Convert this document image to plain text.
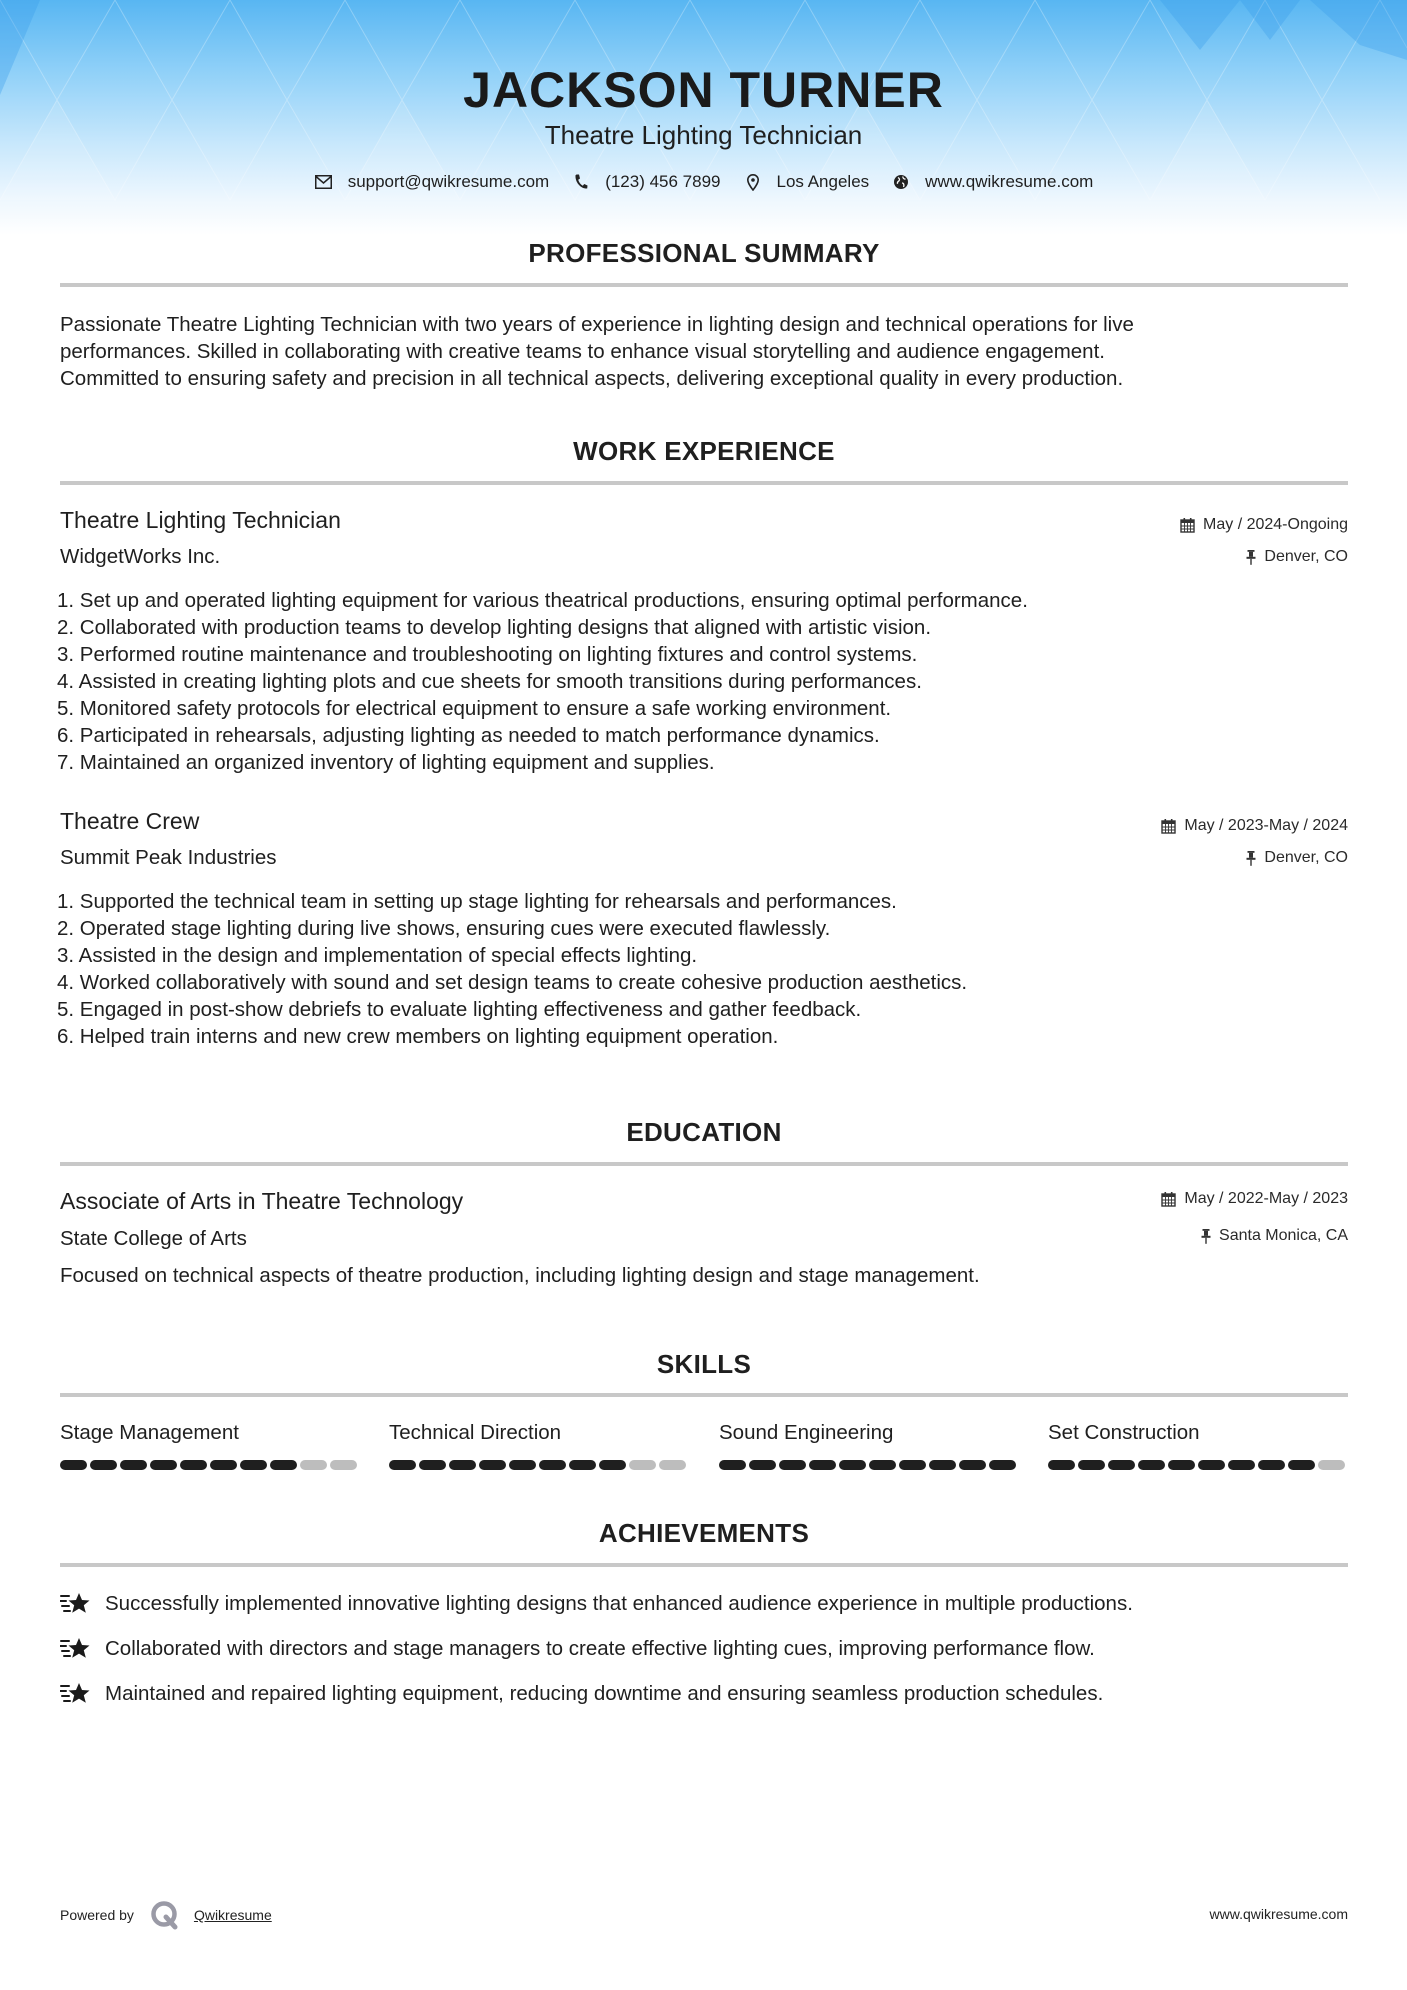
JACKSON TURNER
Theatre Lighting Technician
support@qwikresume.com	(123) 456 7899	Los Angeles	www.qwikresume.com
PROFESSIONAL SUMMARY
Passionate Theatre Lighting Technician with two years of experience in lighting design and technical operations for live
performances. Skilled in collaborating with creative teams to enhance visual storytelling and audience engagement.
Committed to ensuring safety and precision in all technical aspects, delivering exceptional quality in every production.
WORK EXPERIENCE
Theatre Lighting Technician	May / 2024-Ongoing
WidgetWorks Inc.	Denver, CO
1. Set up and operated lighting equipment for various theatrical productions, ensuring optimal performance.
2. Collaborated with production teams to develop lighting designs that aligned with artistic vision.
3. Performed routine maintenance and troubleshooting on lighting fixtures and control systems.
4. Assisted in creating lighting plots and cue sheets for smooth transitions during performances.
5. Monitored safety protocols for electrical equipment to ensure a safe working environment.
6. Participated in rehearsals, adjusting lighting as needed to match performance dynamics.
7. Maintained an organized inventory of lighting equipment and supplies.
Theatre Crew	May / 2023-May / 2024
Summit Peak Industries	Denver, CO
1. Supported the technical team in setting up stage lighting for rehearsals and performances.
2. Operated stage lighting during live shows, ensuring cues were executed flawlessly.
3. Assisted in the design and implementation of special effects lighting.
4. Worked collaboratively with sound and set design teams to create cohesive production aesthetics.
5. Engaged in post-show debriefs to evaluate lighting effectiveness and gather feedback.
6. Helped train interns and new crew members on lighting equipment operation.
EDUCATION
Associate of Arts in Theatre Technology	May / 2022-May / 2023
State College of Arts	Santa Monica, CA
Focused on technical aspects of theatre production, including lighting design and stage management.
SKILLS
Stage Management	Technical Direction	Sound Engineering	Set Construction
ACHIEVEMENTS
Successfully implemented innovative lighting designs that enhanced audience experience in multiple productions.
Collaborated with directors and stage managers to create effective lighting cues, improving performance flow.
Maintained and repaired lighting equipment, reducing downtime and ensuring seamless production schedules.
Powered by	Qwikresume	www.qwikresume.com
